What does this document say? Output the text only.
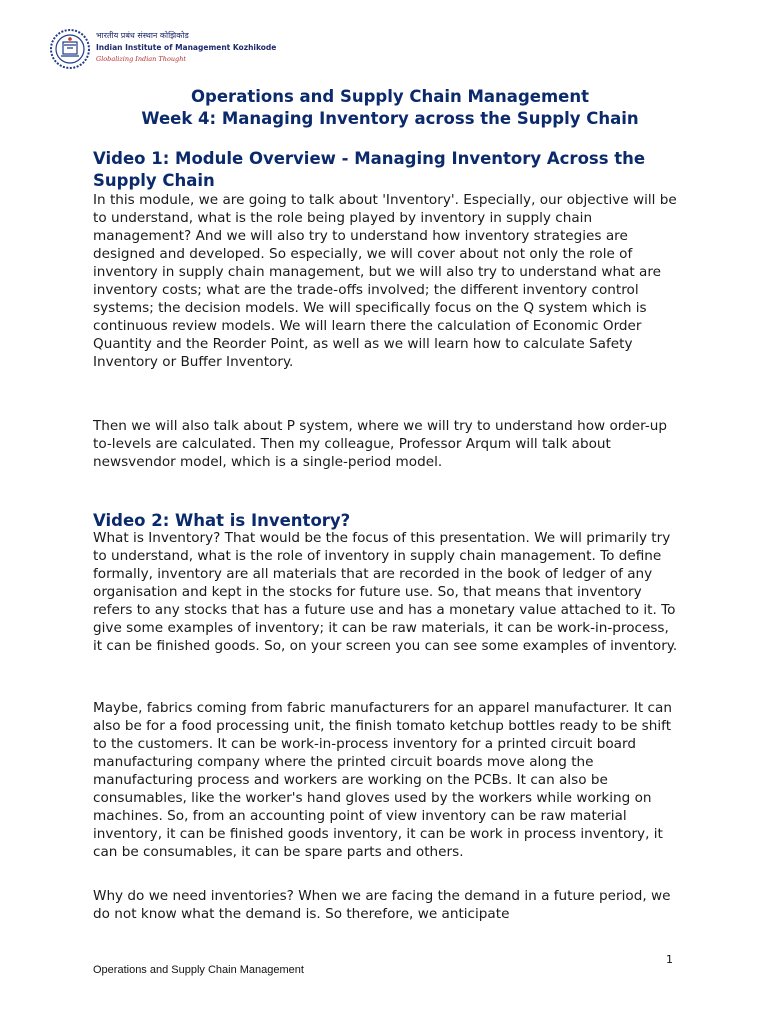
भारतीय प्रबंध संस्थान कोझिकोड
Indian Institute of Management Kozhikode
Globalizing Indian Thought
Operations and Supply Chain Management
Week 4: Managing Inventory across the Supply Chain
Video 1: Module Overview - Managing Inventory Across the Supply Chain
In this module, we are going to talk about 'Inventory'. Especially, our objective will be to understand, what is the role being played by inventory in supply chain management? And we will also try to understand how inventory strategies are designed and developed. So especially, we will cover about not only the role of inventory in supply chain management, but we will also try to understand what are inventory costs; what are the trade-offs involved; the different inventory control systems; the decision models. We will specifically focus on the Q system which is continuous review models. We will learn there the calculation of Economic Order Quantity and the Reorder Point, as well as we will learn how to calculate Safety Inventory or Buffer Inventory.
Then we will also talk about P system, where we will try to understand how order-up to-levels are calculated. Then my colleague, Professor Arqum will talk about newsvendor model, which is a single-period model.
Video 2: What is Inventory?
What is Inventory? That would be the focus of this presentation. We will primarily try to understand, what is the role of inventory in supply chain management. To define formally, inventory are all materials that are recorded in the book of ledger of any organisation and kept in the stocks for future use. So, that means that inventory refers to any stocks that has a future use and has a monetary value attached to it. To give some examples of inventory; it can be raw materials, it can be work-in-process, it can be finished goods. So, on your screen you can see some examples of inventory.
Maybe, fabrics coming from fabric manufacturers for an apparel manufacturer. It can also be for a food processing unit, the finish tomato ketchup bottles ready to be shift to the customers. It can be work-in-process inventory for a printed circuit board manufacturing company where the printed circuit boards move along the manufacturing process and workers are working on the PCBs. It can also be consumables, like the worker's hand gloves used by the workers while working on machines. So, from an accounting point of view inventory can be raw material inventory, it can be finished goods inventory, it can be work in process inventory, it can be consumables, it can be spare parts and others.
Why do we need inventories? When we are facing the demand in a future period, we do not know what the demand is. So therefore, we anticipate
1
Operations and Supply Chain Management
